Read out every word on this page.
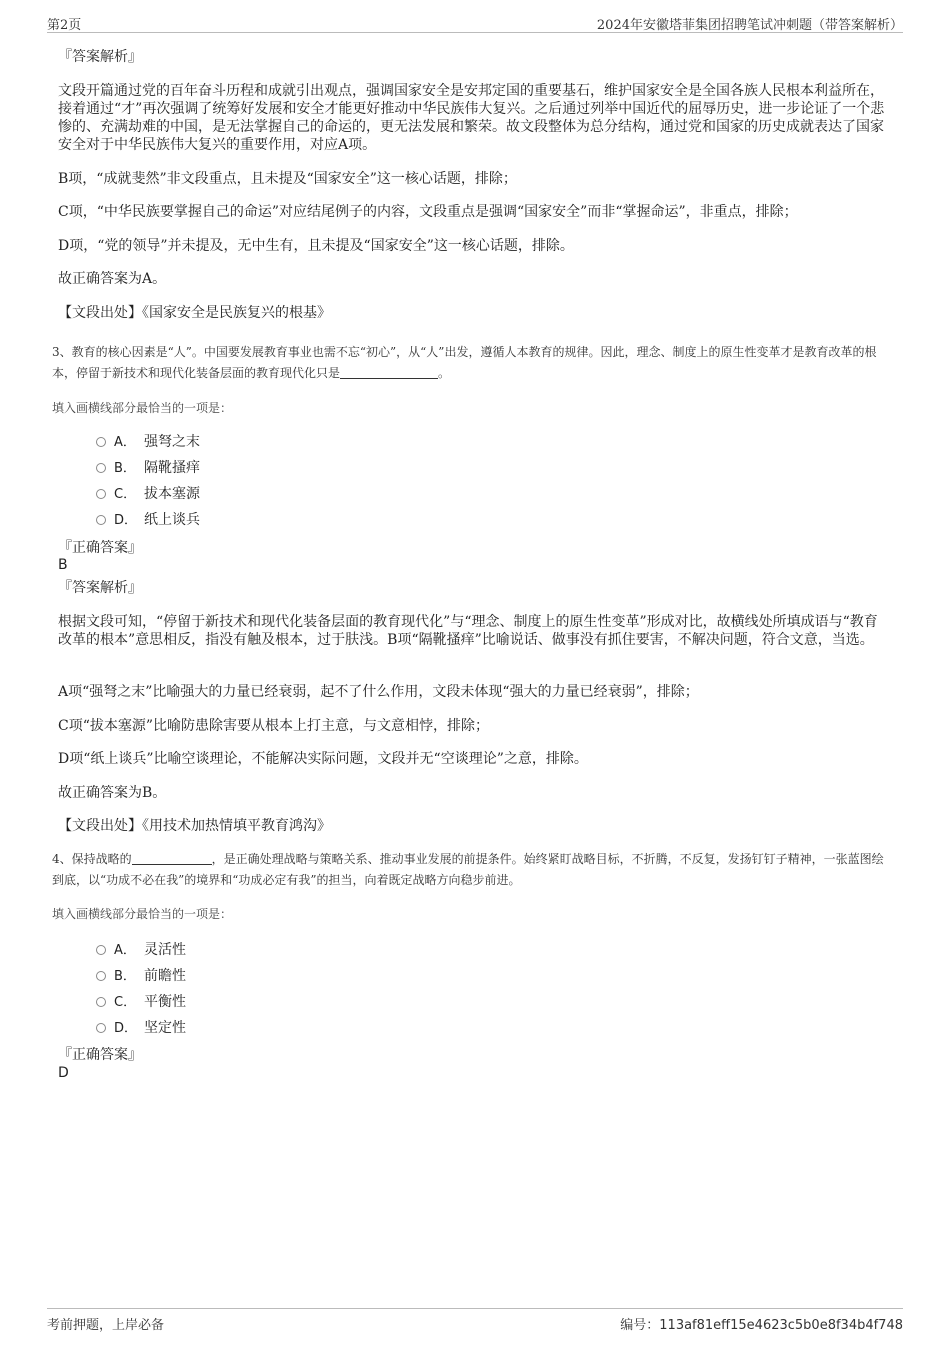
第2页	2024年安徽塔菲集团招聘笔试冲刺题（带答案解析）
『答案解析』
文段开篇通过党的百年奋斗历程和成就引出观点，强调国家安全是安邦定国的重要基石，维护国家安全是全国各族人民根本利益所在，接着通过“才”再次强调了统筹好发展和安全才能更好推动中华民族伟大复兴。之后通过列举中国近代的屈辱历史，进一步论证了一个悲惨的、充满劫难的中国，是无法掌握自己的命运的，更无法发展和繁荣。故文段整体为总分结构，通过党和国家的历史成就表达了国家安全对于中华民族伟大复兴的重要作用，对应A项。
B项，“成就斐然”非文段重点，且未提及“国家安全”这一核心话题，排除；
C项，“中华民族要掌握自己的命运”对应结尾例子的内容，文段重点是强调“国家安全”而非“掌握命运”，非重点，排除；
D项，“党的领导”并未提及，无中生有，且未提及“国家安全”这一核心话题，排除。
故正确答案为A。
【文段出处】《国家安全是民族复兴的根基》
3、教育的核心因素是“人”。中国要发展教育事业也需不忘“初心”，从“人”出发，遵循人本教育的规律。因此，理念、制度上的原生性变革才是教育改革的根本，停留于新技术和现代化装备层面的教育现代化只是	。
填入画横线部分最恰当的一项是：
A． 强弩之末
B． 隔靴搔痒
C． 拔本塞源
D． 纸上谈兵
『正确答案』
B
『答案解析』
根据文段可知，“停留于新技术和现代化装备层面的教育现代化”与“理念、制度上的原生性变革”形成对比，故横线处所填成语与“教育改革的根本”意思相反，指没有触及根本，过于肤浅。B项“隔靴搔痒”比喻说话、做事没有抓住要害，不解决问题，符合文意，当选。
A项“强弩之末”比喻强大的力量已经衰弱，起不了什么作用，文段未体现“强大的力量已经衰弱”，排除；
C项“拔本塞源”比喻防患除害要从根本上打主意，与文意相悖，排除；
D项“纸上谈兵”比喻空谈理论，不能解决实际问题，文段并无“空谈理论”之意，排除。
故正确答案为B。
【文段出处】《用技术加热情填平教育鸿沟》
4、保持战略的	，是正确处理战略与策略关系、推动事业发展的前提条件。始终紧盯战略目标，不折腾，不反复，发扬钉钉子精神，一张蓝图绘到底，以“功成不必在我”的境界和“功成必定有我”的担当，向着既定战略方向稳步前进。
填入画横线部分最恰当的一项是：
A． 灵活性
B． 前瞻性
C． 平衡性
D． 坚定性
『正确答案』
D
考前押题，上岸必备	编号：113af81eff15e4623c5b0e8f34b4f748
